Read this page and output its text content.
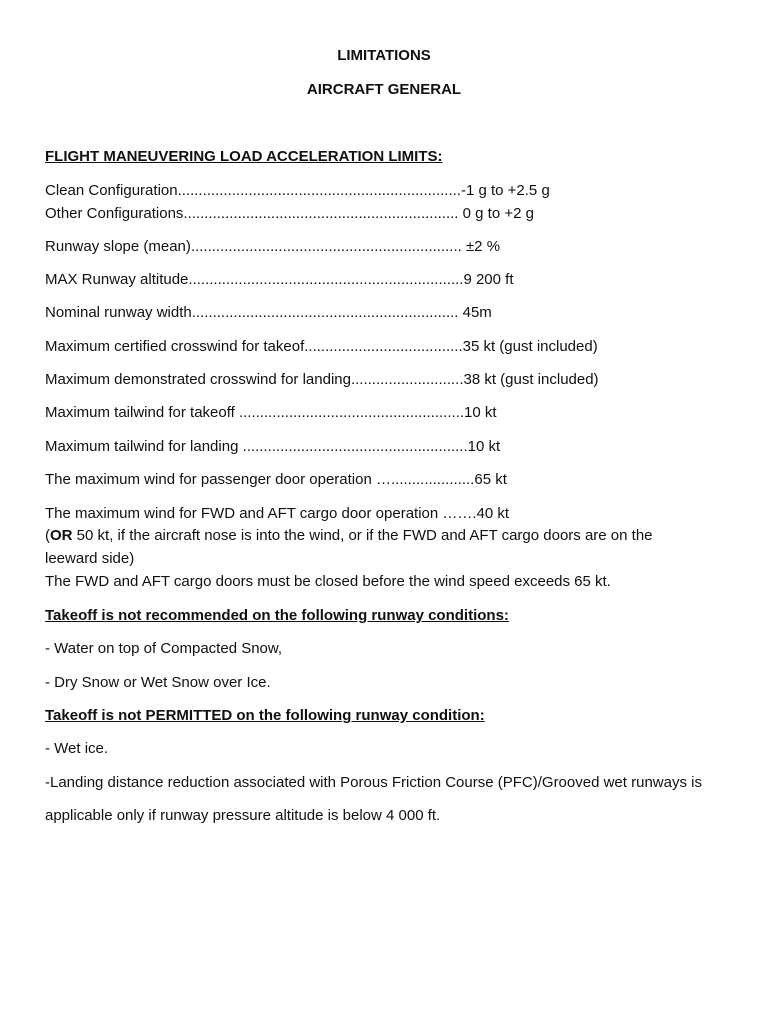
LIMITATIONS
AIRCRAFT GENERAL
FLIGHT MANEUVERING LOAD ACCELERATION LIMITS:
Clean Configuration....................................................................-1 g to +2.5 g
Other Configurations.................................................................. 0 g to +2 g
Runway slope (mean)................................................................. ±2 %
MAX Runway altitude..................................................................9 200 ft
Nominal runway width................................................................ 45m
Maximum certified crosswind for takeof......................................35 kt (gust included)
Maximum demonstrated crosswind for landing...........................38 kt (gust included)
Maximum tailwind for takeoff ......................................................10 kt
Maximum tailwind for landing ......................................................10 kt
The maximum wind for passenger door operation …....................65 kt
The maximum wind for FWD and AFT cargo door operation …….40 kt
(OR 50 kt, if the aircraft nose is into the wind, or if the FWD and AFT cargo doors are on the
leeward side)
The FWD and AFT cargo doors must be closed before the wind speed exceeds 65 kt.
Takeoff is not recommended on the following runway conditions:
- Water on top of Compacted Snow,
- Dry Snow or Wet Snow over Ice.
Takeoff is not PERMITTED on the following runway condition:
- Wet ice.
-Landing distance reduction associated with Porous Friction Course (PFC)/Grooved wet runways is
applicable only if runway pressure altitude is below 4 000 ft.
